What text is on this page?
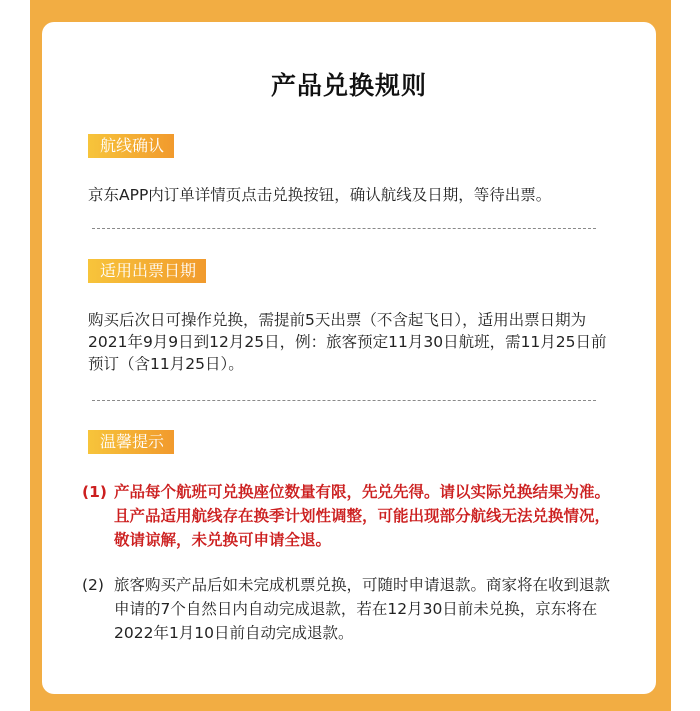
产品兑换规则
航线确认
京东APP内订单详情页点击兑换按钮，确认航线及日期，等待出票。
适用出票日期
购买后次日可操作兑换，需提前5天出票（不含起飞日），适用出票日期为2021年9月9日到12月25日，例：旅客预定11月30日航班，需11月25日前预订（含11月25日）。
温馨提示
(1) 产品每个航班可兑换座位数量有限，先兑先得。请以实际兑换结果为准。且产品适用航线存在换季计划性调整，可能出现部分航线无法兑换情况，敬请谅解，未兑换可申请全退。
(2) 旅客购买产品后如未完成机票兑换，可随时申请退款。商家将在收到退款申请的7个自然日内自动完成退款，若在12月30日前未兑换，京东将在2022年1月10日前自动完成退款。
